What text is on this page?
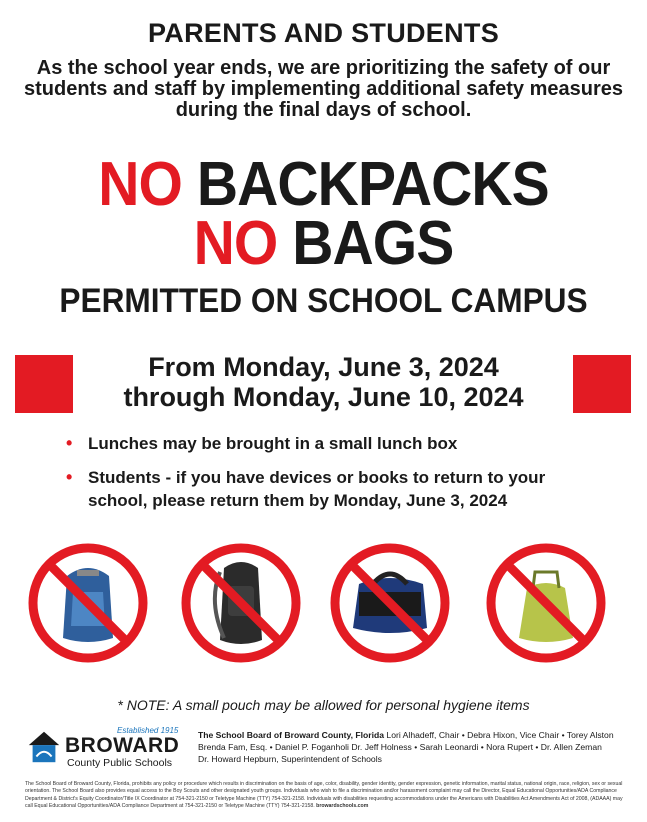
PARENTS AND STUDENTS
As the school year ends, we are prioritizing the safety of our students and staff by implementing additional safety measures during the final days of school.
NO BACKPACKS
NO BAGS
PERMITTED ON SCHOOL CAMPUS
From Monday, June 3, 2024
through Monday, June 10, 2024
• Lunches may be brought in a small lunch box
• Students - if you have devices or books to return to your school, please return them by Monday, June 3, 2024
* NOTE: A small pouch may be allowed for personal hygiene items
Established 1915
BROWARD
County Public Schools
The School Board of Broward County, Florida Lori Alhadeff, Chair • Debra Hixon, Vice Chair • Torey Alston Brenda Fam, Esq. • Daniel P. Foganholi Dr. Jeff Holness • Sarah Leonardi • Nora Rupert • Dr. Allen Zeman
Dr. Howard Hepburn, Superintendent of Schools
The School Board of Broward County, Florida, prohibits any policy or procedure which results in discrimination on the basis of age, color, disability, gender identity, gender expression, genetic information, marital status, national origin, race, religion, sex or sexual orientation. The School Board also provides equal access to the Boy Scouts and other designated youth groups. Individuals who wish to file a discrimination and/or harassment complaint may call the Director, Equal Educational Opportunities/ADA Compliance Department & District's Equity Coordinator/Title IX Coordinator at 754-321-2150 or Teletype Machine (TTY) 754-321-2158. Individuals with disabilities requesting accommodations under the Americans with Disabilities Act Amendments Act of 2008, (ADAAA) may call Equal Educational Opportunities/ADA Compliance Department at 754-321-2150 or Teletype Machine (TTY) 754-321-2158. browardschools.com
